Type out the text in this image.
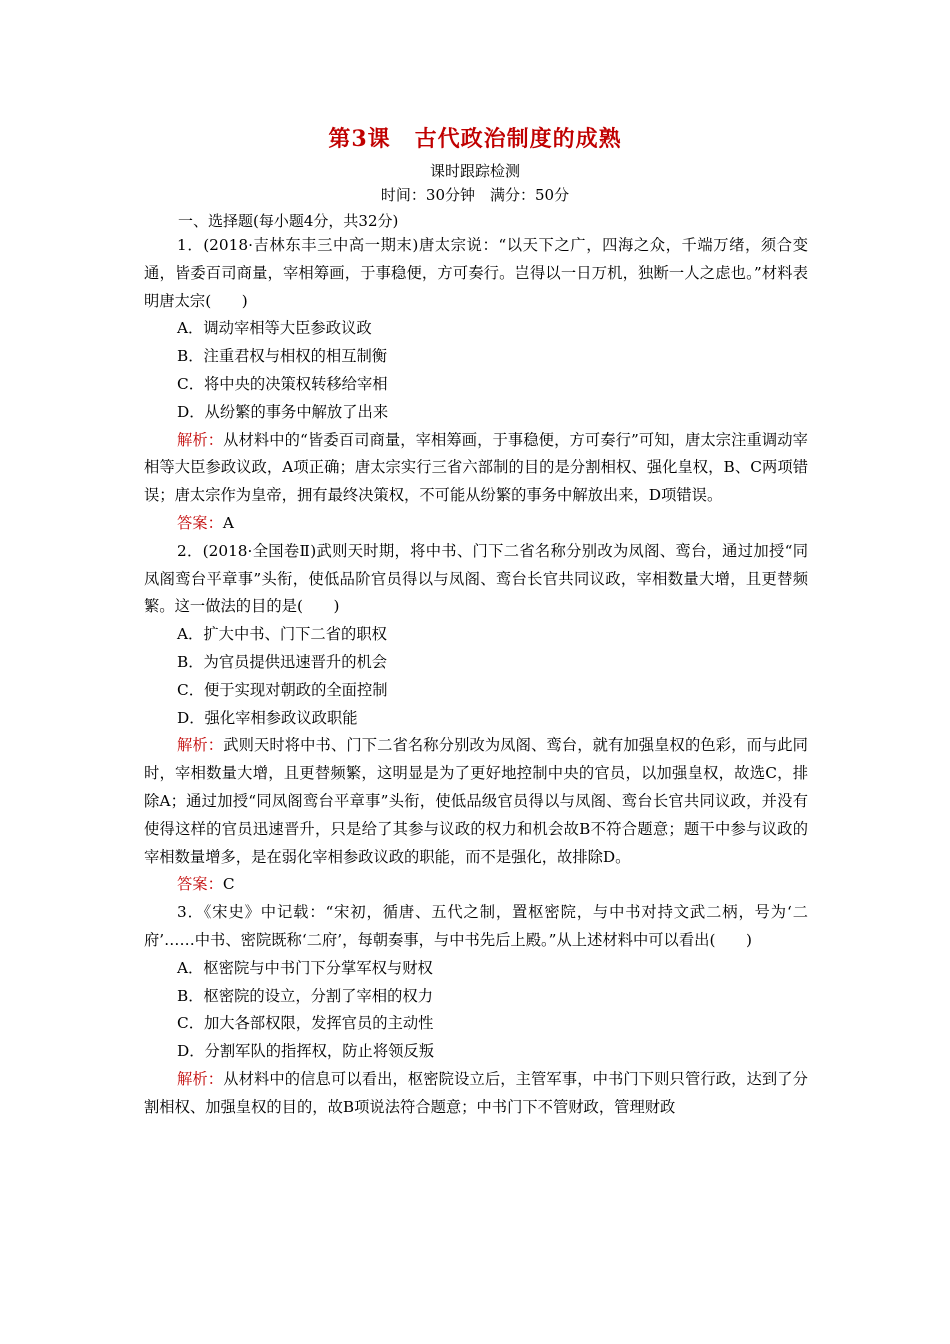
第3课 古代政治制度的成熟
课时跟踪检测
时间：30分钟　满分：50分
一、选择题(每小题4分，共32分)

1．(2018·吉林东丰三中高一期末)唐太宗说：“以天下之广，四海之众，千端万绪，须合变通，皆委百司商量，宰相筹画，于事稳便，方可奏行。岂得以一日万机，独断一人之虑也。”材料表明唐太宗(　　)

A．调动宰相等大臣参政议政

B．注重君权与相权的相互制衡

C．将中央的决策权转移给宰相

D．从纷繁的事务中解放了出来

解析：从材料中的“皆委百司商量，宰相筹画，于事稳便，方可奏行”可知，唐太宗注重调动宰相等大臣参政议政，A项正确；唐太宗实行三省六部制的目的是分割相权、强化皇权，B、C两项错误；唐太宗作为皇帝，拥有最终决策权，不可能从纷繁的事务中解放出来，D项错误。

答案：A

2．(2018·全国卷Ⅱ)武则天时期，将中书、门下二省名称分别改为凤阁、鸾台，通过加授“同凤阁鸾台平章事”头衔，使低品阶官员得以与凤阁、鸾台长官共同议政，宰相数量大增，且更替频繁。这一做法的目的是(　　)

A．扩大中书、门下二省的职权

B．为官员提供迅速晋升的机会

C．便于实现对朝政的全面控制

D．强化宰相参政议政职能

解析：武则天时将中书、门下二省名称分别改为凤阁、鸾台，就有加强皇权的色彩，而与此同时，宰相数量大增，且更替频繁，这明显是为了更好地控制中央的官员，以加强皇权，故选C，排除A；通过加授“同凤阁鸾台平章事”头衔，使低品级官员得以与凤阁、鸾台长官共同议政，并没有使得这样的官员迅速晋升，只是给了其参与议政的权力和机会故B不符合题意；题干中参与议政的宰相数量增多，是在弱化宰相参政议政的职能，而不是强化，故排除D。

答案：C

3．《宋史》中记载：“宋初，循唐、五代之制，置枢密院，与中书对持文武二柄，号为‘二府’……中书、密院既称‘二府’，每朝奏事，与中书先后上殿。”从上述材料中可以看出(　　)

A．枢密院与中书门下分掌军权与财权

B．枢密院的设立，分割了宰相的权力

C．加大各部权限，发挥官员的主动性

D．分割军队的指挥权，防止将领反叛

解析：从材料中的信息可以看出，枢密院设立后，主管军事，中书门下则只管行政，达到了分割相权、加强皇权的目的，故B项说法符合题意；中书门下不管财政，管理财政
